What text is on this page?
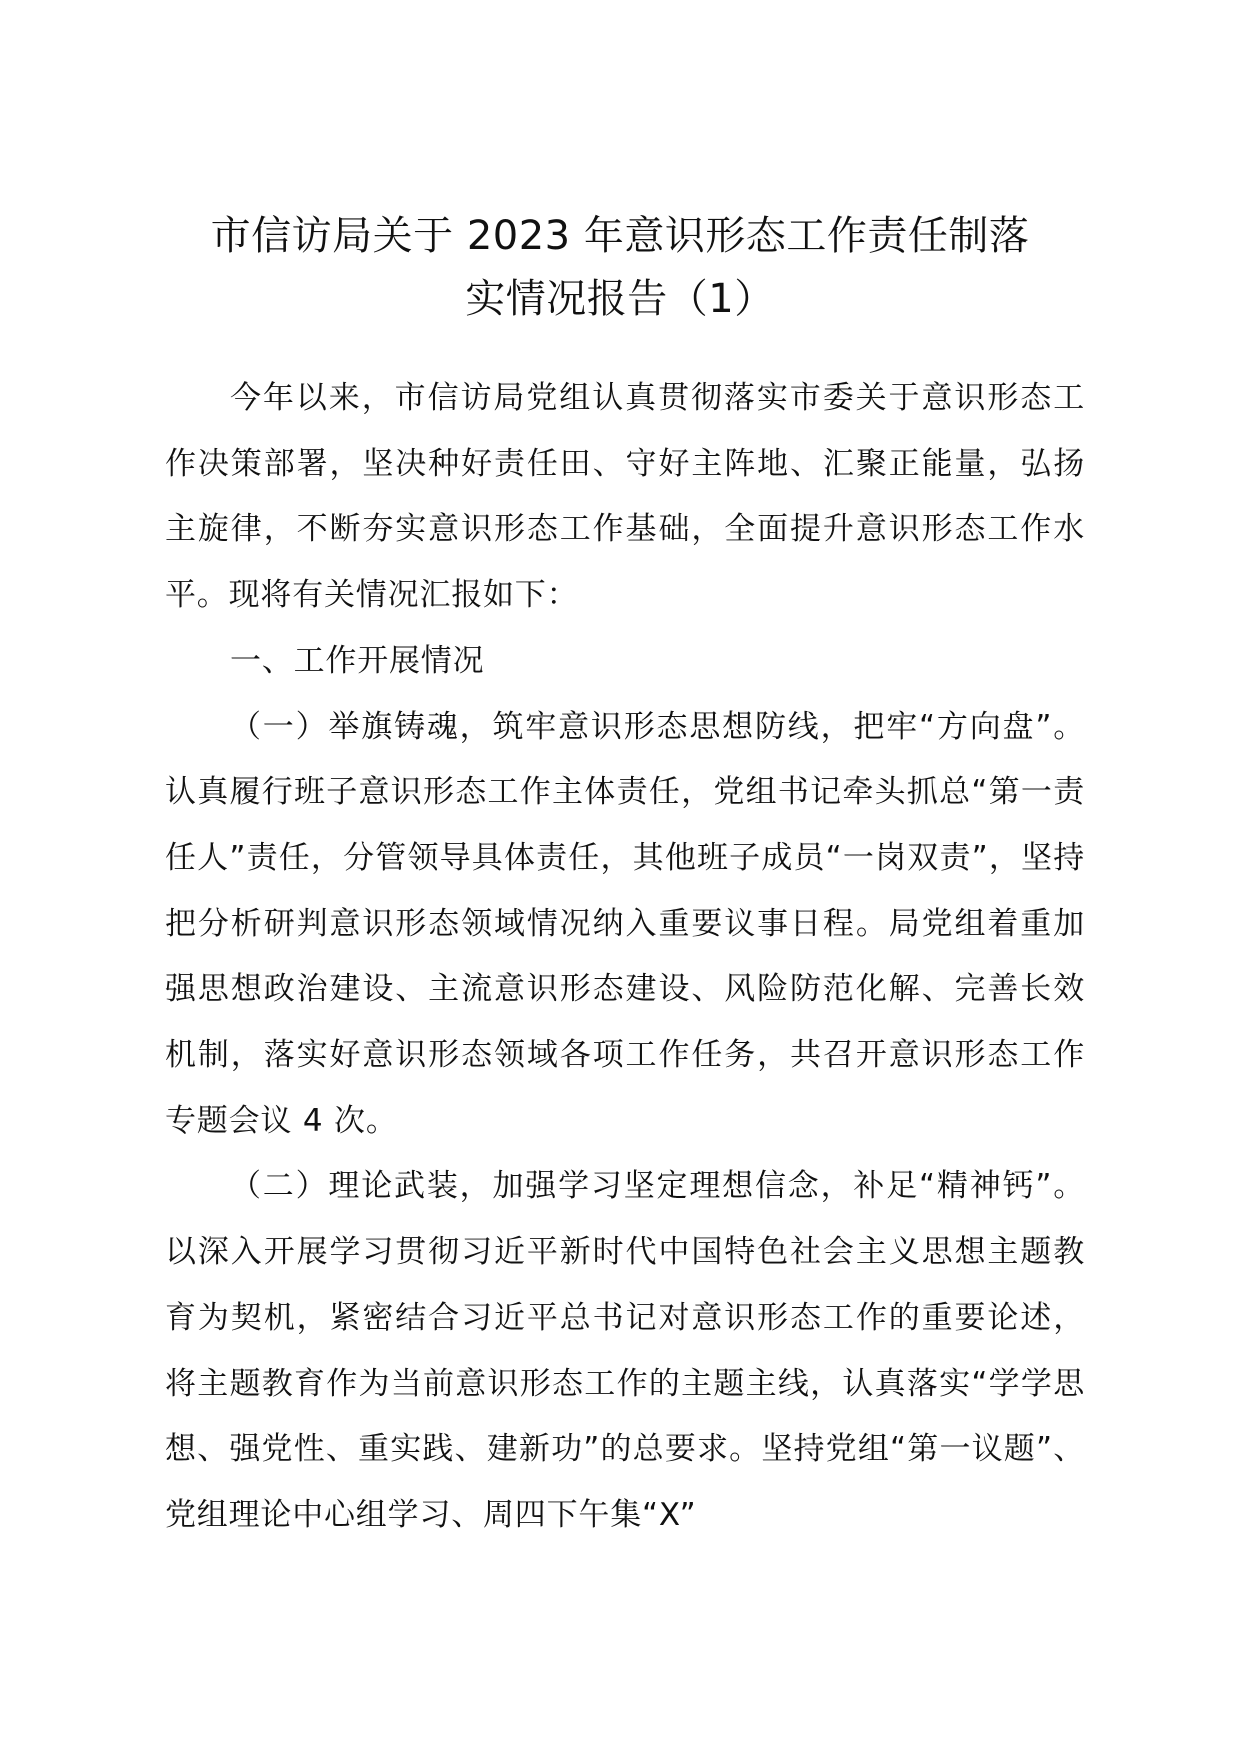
市信访局关于 2023 年意识形态工作责任制落
实情况报告（1）

今年以来，市信访局党组认真贯彻落实市委关于意识形态工作决策部署，坚决种好责任田、守好主阵地、汇聚正能量，弘扬主旋律，不断夯实意识形态工作基础，全面提升意识形态工作水平。现将有关情况汇报如下：

一、工作开展情况

（一）举旗铸魂，筑牢意识形态思想防线，把牢“方向盘”。认真履行班子意识形态工作主体责任，党组书记牵头抓总“第一责任人”责任，分管领导具体责任，其他班子成员“一岗双责”，坚持把分析研判意识形态领域情况纳入重要议事日程。局党组着重加强思想政治建设、主流意识形态建设、风险防范化解、完善长效机制，落实好意识形态领域各项工作任务，共召开意识形态工作专题会议 4 次。

（二）理论武装，加强学习坚定理想信念，补足“精神钙”。以深入开展学习贯彻习近平新时代中国特色社会主义思想主题教育为契机，紧密结合习近平总书记对意识形态工作的重要论述，将主题教育作为当前意识形态工作的主题主线，认真落实“学学思想、强党性、重实践、建新功”的总要求。坚持党组“第一议题”、党组理论中心组学习、周四下午集“X”
